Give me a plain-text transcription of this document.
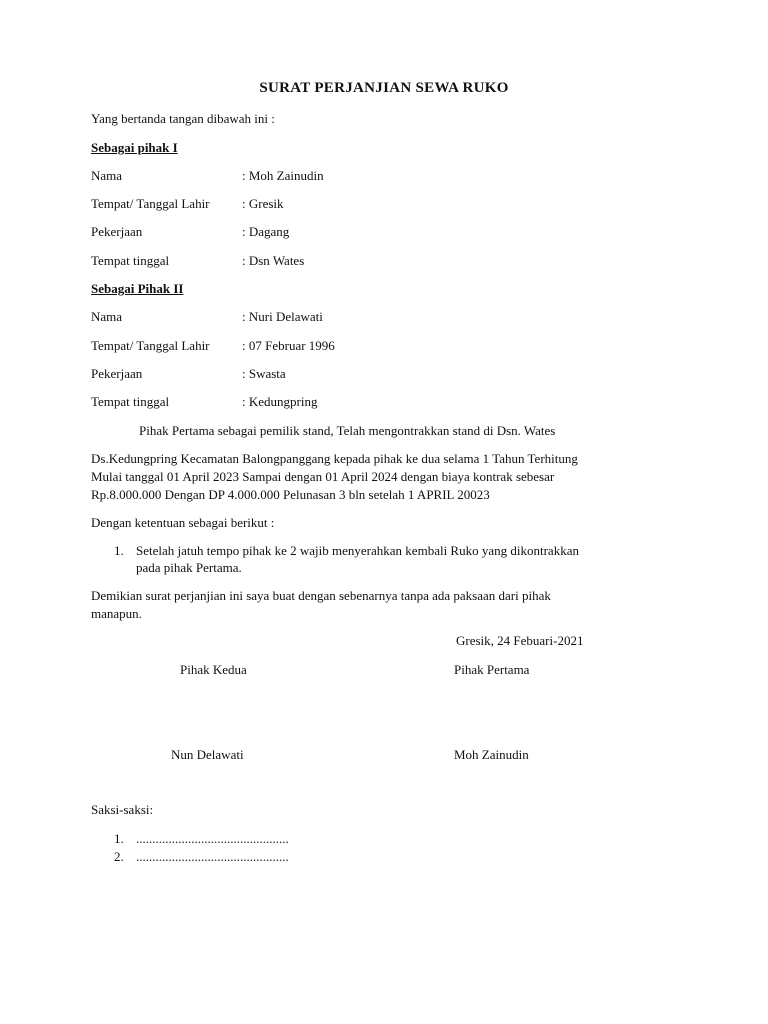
SURAT PERJANJIAN SEWA RUKO
Yang bertanda tangan dibawah ini :
Sebagai pihak I
Nama	: Moh Zainudin
Tempat/ Tanggal Lahir : Gresik
Pekerjaan	: Dagang
Tempat tinggal	: Dsn Wates
Sebagai Pihak II
Nama	: Nuri Delawati
Tempat/ Tanggal Lahir : 07 Februar 1996
Pekerjaan	: Swasta
Tempat tinggal	: Kedungpring
Pihak Pertama sebagai pemilik stand, Telah mengontrakkan stand di Dsn. Wates
Ds.Kedungpring Kecamatan Balongpanggang kepada pihak ke dua selama 1 Tahun Terhitung
Mulai tanggal 01 April 2023 Sampai dengan 01 April 2024 dengan biaya kontrak sebesar
Rp.8.000.000 Dengan DP 4.000.000 Pelunasan 3 bln setelah 1 APRIL 20023
Dengan ketentuan sebagai berikut :
1. Setelah jatuh tempo pihak ke 2 wajib menyerahkan kembali Ruko yang dikontrakkan
pada pihak Pertama.
Demikian surat perjanjian ini saya buat dengan sebenarnya tanpa ada paksaan dari pihak
manapun.
Gresik, 24 Febuari-2021
Pihak Kedua	Pihak Pertama
Nun Delawati	Moh Zainudin
Saksi-saksi:
1. ...............................................
2. ...............................................
